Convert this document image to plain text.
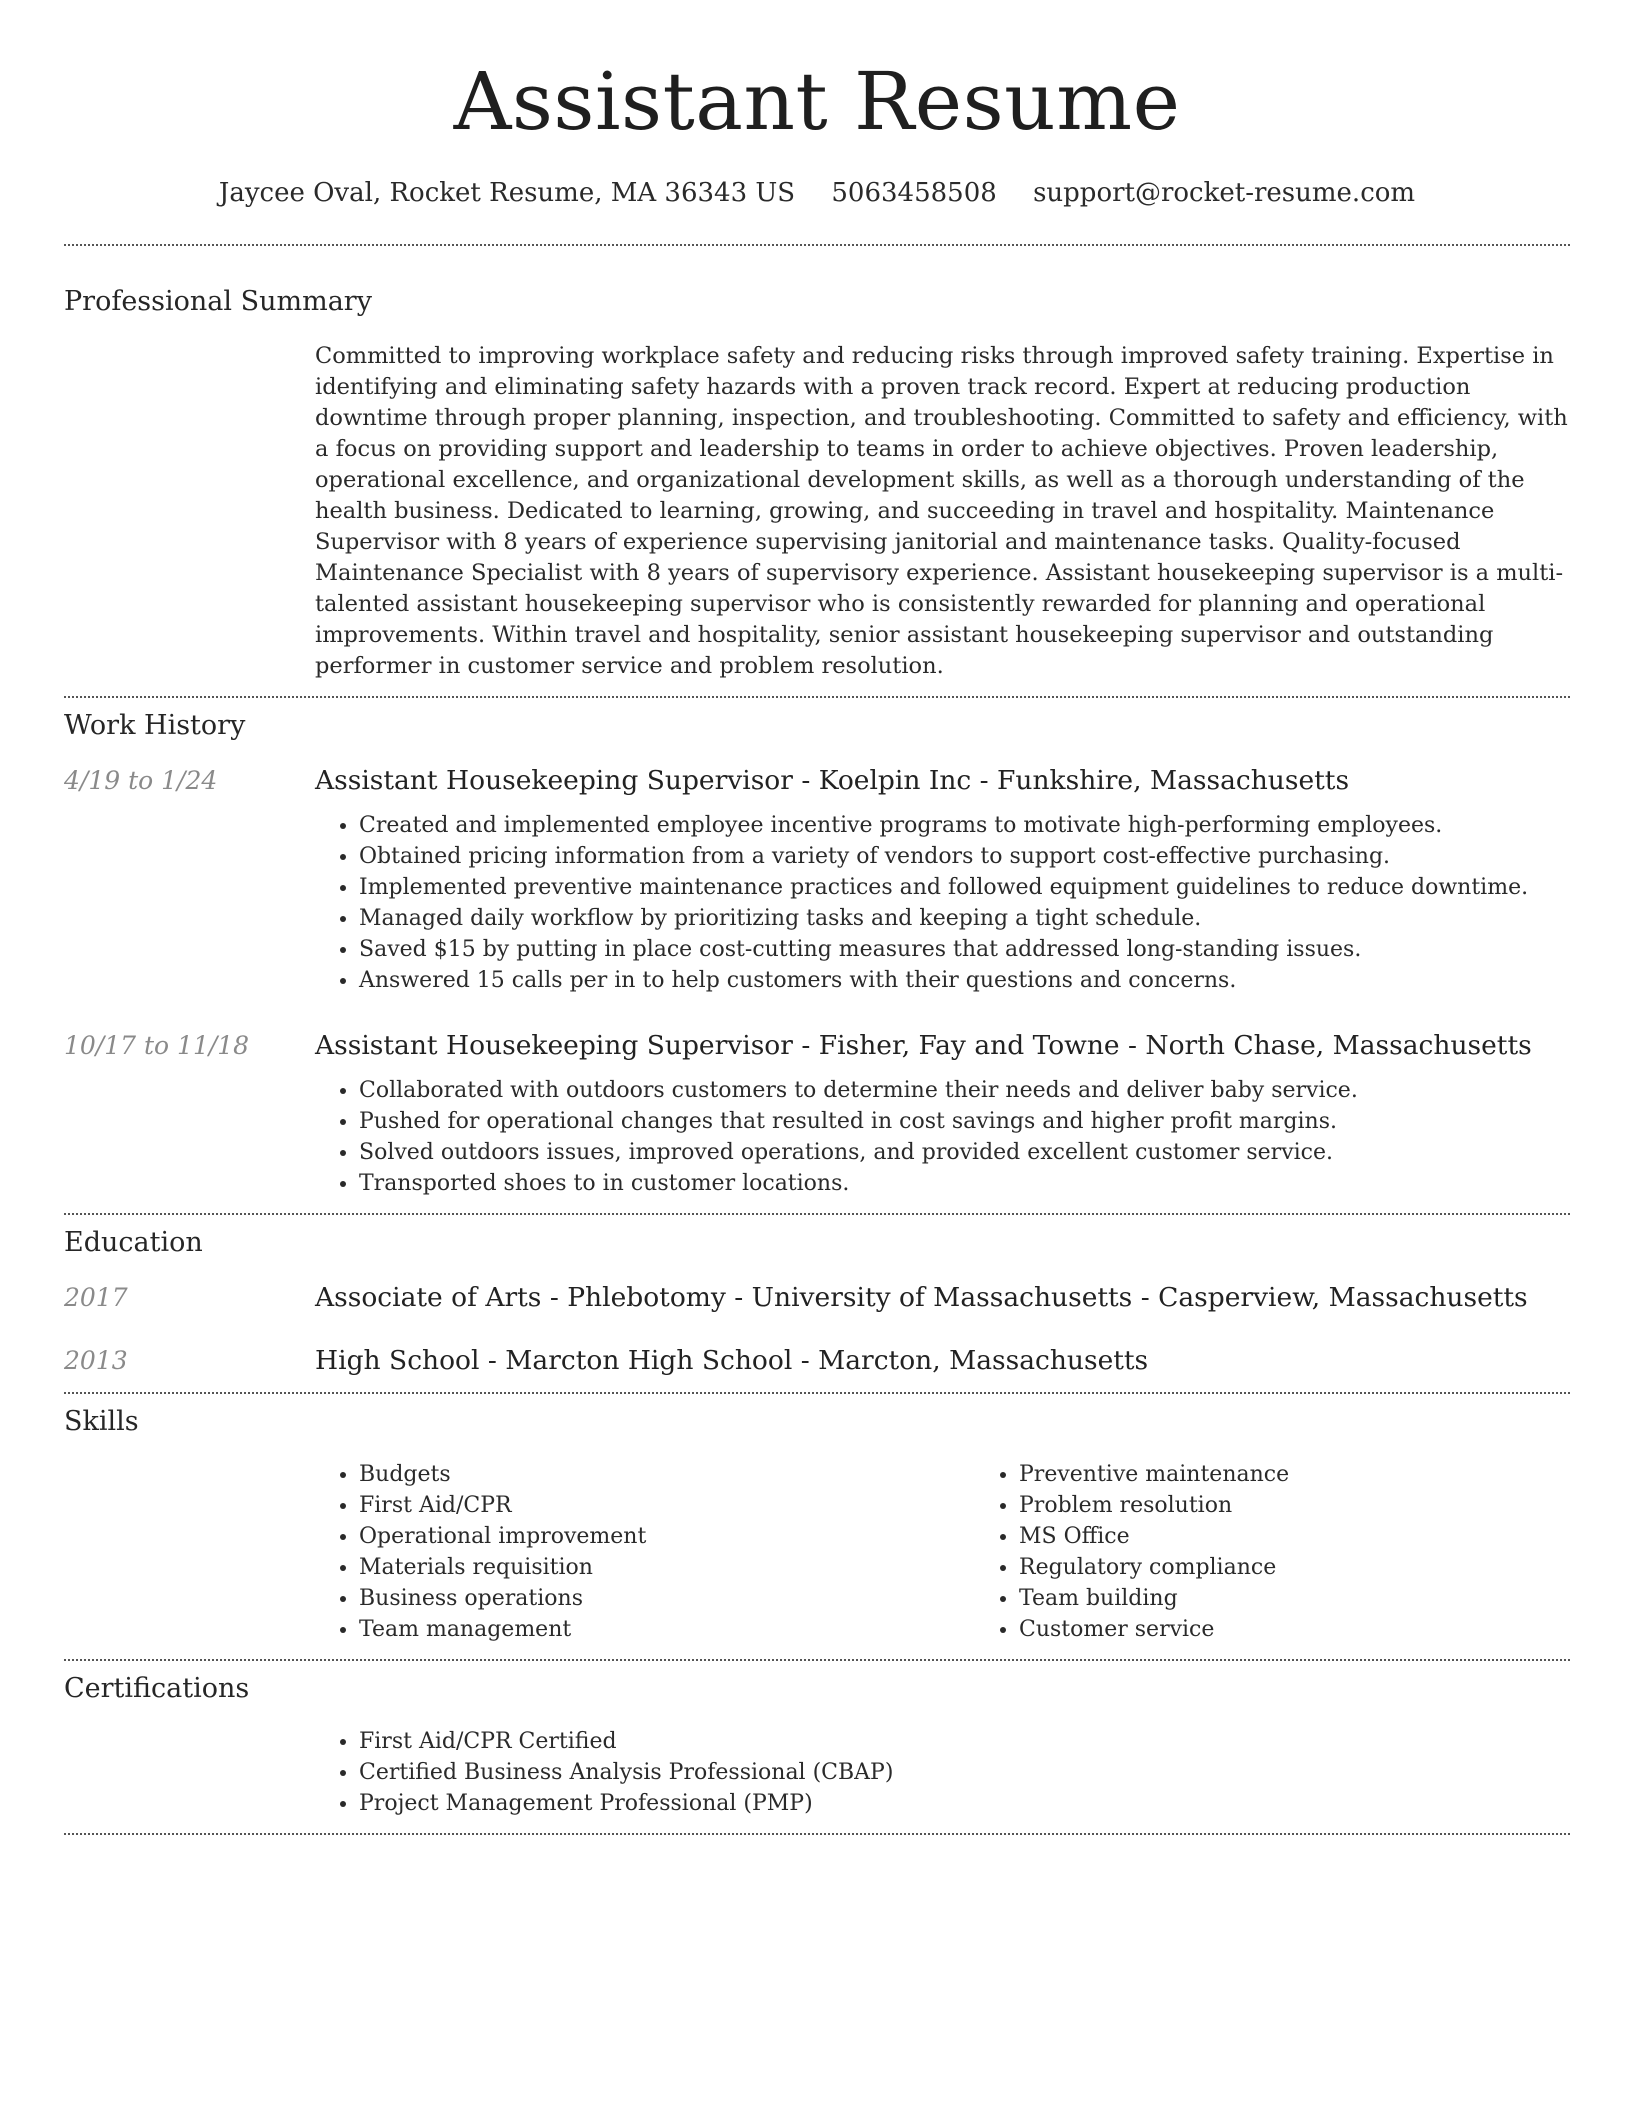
Assistant Resume
Jaycee Oval, Rocket Resume, MA 36343 US 5063458508 support@rocket-resume.com
Professional Summary

Committed to improving workplace safety and reducing risks through improved safety training. Expertise in identifying and eliminating safety hazards with a proven track record. Expert at reducing production downtime through proper planning, inspection, and troubleshooting. Committed to safety and efficiency, with a focus on providing support and leadership to teams in order to achieve objectives. Proven leadership, operational excellence, and organizational development skills, as well as a thorough understanding of the health business. Dedicated to learning, growing, and succeeding in travel and hospitality. Maintenance Supervisor with 8 years of experience supervising janitorial and maintenance tasks. Quality-focused Maintenance Specialist with 8 years of supervisory experience. Assistant housekeeping supervisor is a multi-talented assistant housekeeping supervisor who is consistently rewarded for planning and operational improvements. Within travel and hospitality, senior assistant housekeeping supervisor and outstanding performer in customer service and problem resolution.

Work History
4/19 to 1/24	Assistant Housekeeping Supervisor - Koelpin Inc - Funkshire, Massachusetts
• Created and implemented employee incentive programs to motivate high-performing employees.
• Obtained pricing information from a variety of vendors to support cost-effective purchasing.
• Implemented preventive maintenance practices and followed equipment guidelines to reduce downtime.
• Managed daily workflow by prioritizing tasks and keeping a tight schedule.
• Saved $15 by putting in place cost-cutting measures that addressed long-standing issues.
• Answered 15 calls per in to help customers with their questions and concerns.
10/17 to 11/18	Assistant Housekeeping Supervisor - Fisher, Fay and Towne - North Chase, Massachusetts
• Collaborated with outdoors customers to determine their needs and deliver baby service.
• Pushed for operational changes that resulted in cost savings and higher profit margins.
• Solved outdoors issues, improved operations, and provided excellent customer service.
• Transported shoes to in customer locations.
Education
2017	Associate of Arts - Phlebotomy - University of Massachusetts - Casperview, Massachusetts
2013	High School - Marcton High School - Marcton, Massachusetts
Skills
• Budgets
• First Aid/CPR
• Operational improvement
• Materials requisition
• Business operations
• Team management
• Preventive maintenance
• Problem resolution
• MS Office
• Regulatory compliance
• Team building
• Customer service
Certifications
• First Aid/CPR Certified
• Certified Business Analysis Professional (CBAP)
• Project Management Professional (PMP)
